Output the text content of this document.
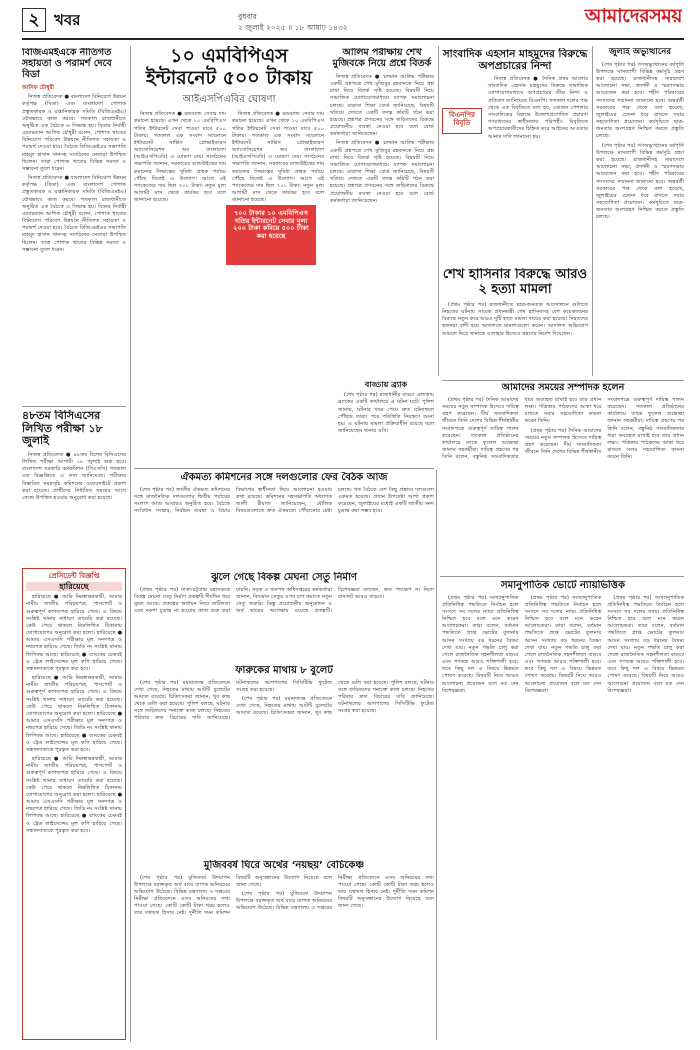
২ খবর	বুধবার
২ জুলাই ২০২৫ ॥ ১৮ আষাঢ় ১৪৩২
আমাদেরসময়
বিজিএমইএকে নীতিগত সহায়তা ও পরামর্শ দেবে বিডা
আসিফ চৌধুরী

নিজস্ব প্রতিবেদক ● বাংলাদেশ বিনিয়োগ উন্নয়ন কর্তৃপক্ষ (বিডা) এবং বাংলাদেশ পোশাক প্রস্তুতকারক ও রপ্তানিকারক সমিতি (বিজিএমইএ) যৌথভাবে কাজ করবে। গতকাল রাজধানীতে অনুষ্ঠিত এক বৈঠকে এ সিদ্ধান্ত হয়। বিডার নির্বাহী চেয়ারম্যান আশিক চৌধুরী বলেন, পোশাক খাতের বিনিয়োগ পরিবেশ উন্নয়নে নীতিগত সহায়তা ও পরামর্শ দেওয়া হবে। বৈঠকে বিজিএমইএর সভাপতি মাহমুদ হাসান খানসহ সংগঠনের নেতারা উপস্থিত ছিলেন। তারা পোশাক খাতের বিভিন্ন সমস্যা ও সম্ভাবনা তুলে ধরেন।

নিজস্ব প্রতিবেদক ● বাংলাদেশ বিনিয়োগ উন্নয়ন কর্তৃপক্ষ (বিডা) এবং বাংলাদেশ পোশাক প্রস্তুতকারক ও রপ্তানিকারক সমিতি (বিজিএমইএ) যৌথভাবে কাজ করবে। গতকাল রাজধানীতে অনুষ্ঠিত এক বৈঠকে এ সিদ্ধান্ত হয়। বিডার নির্বাহী চেয়ারম্যান আশিক চৌধুরী বলেন, পোশাক খাতের বিনিয়োগ পরিবেশ উন্নয়নে নীতিগত সহায়তা ও পরামর্শ দেওয়া হবে। বৈঠকে বিজিএমইএর সভাপতি মাহমুদ হাসান খানসহ সংগঠনের নেতারা উপস্থিত ছিলেন। তারা পোশাক খাতের বিভিন্ন সমস্যা ও সম্ভাবনা তুলে ধরেন।

৪৮তম বিসিএসের লিখিত পরীক্ষা ১৮ জুলাই

নিজস্ব প্রতিবেদক ● ৪৮তম বিশেষ বিসিএসের লিখিত পরীক্ষা আগামী ১৮ জুলাই শুরু হবে। বাংলাদেশ সরকারি কর্মকমিশন (পিএসসি) গতকাল এক বিজ্ঞপ্তিতে এ তথ্য জানিয়েছে। পরীক্ষার বিস্তারিত সময়সূচি কমিশনের ওয়েবসাইটে প্রকাশ করা হয়েছে। প্রার্থীদের নির্ধারিত সময়ের আগে কেন্দ্রে উপস্থিত হওয়ার অনুরোধ করা হয়েছে।

প্রেসিডেন্ট বিজ্ঞপ্তি
হারিয়েছে

হারিয়েছে ● আমি নিম্নস্বাক্ষরকারী, আমার নামীয় জাতীয় পরিচয়পত্র, পাসপোর্ট ও গুরুত্বপূর্ণ কাগজপত্র হারিয়ে গেছে। এ বিষয়ে সংশ্লিষ্ট থানায় সাধারণ ডায়েরি করা হয়েছে। কেউ পেয়ে থাকলে নিম্নলিখিত ঠিকানায় যোগাযোগের অনুরোধ করা হলো। হারিয়েছে ● আমার এসএসসি পরীক্ষার মূল সনদপত্র ও নম্বরপত্র হারিয়ে গেছে। জিডি নং সংশ্লিষ্ট থানায় লিপিবদ্ধ আছে। হারিয়েছে ● ব্যাংকের চেকবই ও ট্রেড লাইসেন্সের মূল কপি হারিয়ে গেছে। সন্ধানদাতাকে পুরস্কৃত করা হবে।

হারিয়েছে ● আমি নিম্নস্বাক্ষরকারী, আমার নামীয় জাতীয় পরিচয়পত্র, পাসপোর্ট ও গুরুত্বপূর্ণ কাগজপত্র হারিয়ে গেছে। এ বিষয়ে সংশ্লিষ্ট থানায় সাধারণ ডায়েরি করা হয়েছে। কেউ পেয়ে থাকলে নিম্নলিখিত ঠিকানায় যোগাযোগের অনুরোধ করা হলো। হারিয়েছে ● আমার এসএসসি পরীক্ষার মূল সনদপত্র ও নম্বরপত্র হারিয়ে গেছে। জিডি নং সংশ্লিষ্ট থানায় লিপিবদ্ধ আছে। হারিয়েছে ● ব্যাংকের চেকবই ও ট্রেড লাইসেন্সের মূল কপি হারিয়ে গেছে। সন্ধানদাতাকে পুরস্কৃত করা হবে।

হারিয়েছে ● আমি নিম্নস্বাক্ষরকারী, আমার নামীয় জাতীয় পরিচয়পত্র, পাসপোর্ট ও গুরুত্বপূর্ণ কাগজপত্র হারিয়ে গেছে। এ বিষয়ে সংশ্লিষ্ট থানায় সাধারণ ডায়েরি করা হয়েছে। কেউ পেয়ে থাকলে নিম্নলিখিত ঠিকানায় যোগাযোগের অনুরোধ করা হলো। হারিয়েছে ● আমার এসএসসি পরীক্ষার মূল সনদপত্র ও নম্বরপত্র হারিয়ে গেছে। জিডি নং সংশ্লিষ্ট থানায় লিপিবদ্ধ আছে। হারিয়েছে ● ব্যাংকের চেকবই ও ট্রেড লাইসেন্সের মূল কপি হারিয়ে গেছে। সন্ধানদাতাকে পুরস্কৃত করা হবে।

১০ এমবিপিএস ইন্টারনেট ৫০০ টাকায়
আইএসপিএবির ঘোষণা

নিজস্ব প্রতিবেদক ● ব্রডব্যান্ড সেবার দাম কমানো হয়েছে। এখন থেকে ১০ এমবিপিএস গতির ইন্টারনেট সেবা পাওয়া যাবে ৫০০ টাকায়। গতকাল এক সংবাদ সম্মেলনে ইন্টারনেট সার্ভিস প্রোভাইডারস অ্যাসোসিয়েশন অব বাংলাদেশ (আইএসপিএবি) এ ঘোষণা দেয়। সংগঠনের সভাপতি জানান, সরকারের ব্যান্ডউইথের দাম কমানোর সিদ্ধান্তের সুবিধা গ্রাহক পর্যায়ে পৌঁছে দিতেই এ উদ্যোগ। আগে এই প্যাকেজের দাম ছিল ৭০০ টাকা। নতুন মূল্য আগামী মাস থেকে কার্যকর হবে বলে জানানো হয়েছে।

নিজস্ব প্রতিবেদক ● ব্রডব্যান্ড সেবার দাম কমানো হয়েছে। এখন থেকে ১০ এমবিপিএস গতির ইন্টারনেট সেবা পাওয়া যাবে ৫০০ টাকায়। গতকাল এক সংবাদ সম্মেলনে ইন্টারনেট সার্ভিস প্রোভাইডারস অ্যাসোসিয়েশন অব বাংলাদেশ (আইএসপিএবি) এ ঘোষণা দেয়। সংগঠনের সভাপতি জানান, সরকারের ব্যান্ডউইথের দাম কমানোর সিদ্ধান্তের সুবিধা গ্রাহক পর্যায়ে পৌঁছে দিতেই এ উদ্যোগ। আগে এই প্যাকেজের দাম ছিল ৭০০ টাকা। নতুন মূল্য আগামী মাস থেকে কার্যকর হবে বলে জানানো হয়েছে।

৭০০ টাকার ১০ এমবিপিএস গতির ইন্টারনেট সেবার মূল্য ২০০ টাকা কমিয়ে ৫০০ টাকা করা হয়েছে
আলিম পরীক্ষায় শেখ মুজিবকে নিয়ে প্রশ্নে বিতর্ক

নিজস্ব প্রতিবেদক ● চলমান আলিম পরীক্ষার একটি প্রশ্নপত্রে শেখ মুজিবুর রহমানকে নিয়ে প্রশ্ন রাখা নিয়ে বিতর্ক সৃষ্টি হয়েছে। বিষয়টি নিয়ে সামাজিক যোগাযোগমাধ্যমে ব্যাপক সমালোচনা চলছে। মাদ্রাসা শিক্ষা বোর্ড জানিয়েছে, বিষয়টি খতিয়ে দেখতে একটি তদন্ত কমিটি গঠন করা হয়েছে। প্রশ্নপত্র প্রণয়নের সঙ্গে জড়িতদের বিরুদ্ধে প্রয়োজনীয় ব্যবস্থা নেওয়া হবে বলে বোর্ড কর্মকর্তারা জানিয়েছেন।

নিজস্ব প্রতিবেদক ● চলমান আলিম পরীক্ষার একটি প্রশ্নপত্রে শেখ মুজিবুর রহমানকে নিয়ে প্রশ্ন রাখা নিয়ে বিতর্ক সৃষ্টি হয়েছে। বিষয়টি নিয়ে সামাজিক যোগাযোগমাধ্যমে ব্যাপক সমালোচনা চলছে। মাদ্রাসা শিক্ষা বোর্ড জানিয়েছে, বিষয়টি খতিয়ে দেখতে একটি তদন্ত কমিটি গঠন করা হয়েছে। প্রশ্নপত্র প্রণয়নের সঙ্গে জড়িতদের বিরুদ্ধে প্রয়োজনীয় ব্যবস্থা নেওয়া হবে বলে বোর্ড কর্মকর্তারা জানিয়েছেন।

সাংবাদিক এহসান মাহমুদের বিরুদ্ধে অপপ্রচারের নিন্দা
বিএনপির বিবৃতি

নিজস্ব প্রতিবেদক ● দৈনিক প্রথম আলোর সাংবাদিক এহসান মাহমুদের বিরুদ্ধে সামাজিক যোগাযোগমাধ্যমে অপপ্রচারের তীব্র নিন্দা ও প্রতিবাদ জানিয়েছে বিএনপি। গতকাল দলের পক্ষ থেকে এক বিবৃতিতে বলা হয়, একজন পেশাদার সাংবাদিকের বিরুদ্ধে উদ্দেশ্যপ্রণোদিত প্রচারণা গণমাধ্যমের স্বাধীনতার পরিপন্থী। বিবৃতিতে অপপ্রচারকারীদের চিহ্নিত করে আইনের আওতায় আনার দাবি জানানো হয়।

শেখ হাসিনার বিরুদ্ধে আরও ২ হত্যা মামলা

(প্রথম পৃষ্ঠার পর) রাজধানীতে ছাত্র-জনতার আন্দোলনে গুলিতে নিহতের ঘটনায় সাবেক প্রধানমন্ত্রী শেখ হাসিনাসহ বেশ কয়েকজনের বিরুদ্ধে নতুন করে আরও দুটি হত্যা মামলা দায়ের করা হয়েছে। নিহতদের স্বজনরা বাদী হয়ে আদালতে মামলাগুলো করেন। আদালত অভিযোগ আমলে নিয়ে থানাকে এজাহার হিসেবে গ্রহণের নির্দেশ দিয়েছেন।

জুলাই অভ্যুত্থানের

(শেষ পৃষ্ঠার পর) গণঅভ্যুত্থানের বর্ষপূর্তি উপলক্ষে মাসব্যাপী বিভিন্ন কর্মসূচি গ্রহণ করা হয়েছে। রাজধানীসহ সারাদেশে আলোচনা সভা, প্রদর্শনী ও স্মরণসভার আয়োজন করা হবে। শহীদ পরিবারের সদস্যদের সম্মাননা জানানো হবে। অন্তর্বর্তী সরকারের পক্ষ থেকে বলা হয়েছে, জুলাইয়ের চেতনা ধরে রাখতে সবার সহযোগিতা প্রয়োজন। কর্মসূচিতে ছাত্র-জনতার অংশগ্রহণ নিশ্চিত করতে প্রস্তুতি চলছে।

(শেষ পৃষ্ঠার পর) গণঅভ্যুত্থানের বর্ষপূর্তি উপলক্ষে মাসব্যাপী বিভিন্ন কর্মসূচি গ্রহণ করা হয়েছে। রাজধানীসহ সারাদেশে আলোচনা সভা, প্রদর্শনী ও স্মরণসভার আয়োজন করা হবে। শহীদ পরিবারের সদস্যদের সম্মাননা জানানো হবে। অন্তর্বর্তী সরকারের পক্ষ থেকে বলা হয়েছে, জুলাইয়ের চেতনা ধরে রাখতে সবার সহযোগিতা প্রয়োজন। কর্মসূচিতে ছাত্র-জনতার অংশগ্রহণ নিশ্চিত করতে প্রস্তুতি চলছে।

ঐকমত্য কমিশনের সঙ্গে দলগুলোর ফের বৈঠক আজ

(শেষ পৃষ্ঠার পর) জাতীয় ঐকমত্য কমিশনের সঙ্গে রাজনৈতিক দলগুলোর দ্বিতীয় পর্যায়ের সংলাপ আজ আবারও অনুষ্ঠিত হবে। বৈঠকে সংবিধান সংস্কার, নির্বাচন ব্যবস্থা ও বিচার বিভাগের স্বাধীনতা নিয়ে আলোচনা হওয়ার কথা রয়েছে। কমিশনের সহসভাপতি অধ্যাপক আলী রীয়াজ জানিয়েছেন, মৌলিক বিষয়গুলোতে দ্রুত ঐকমত্যে পৌঁছানোর চেষ্টা চলছে। গত বৈঠকে বেশ কিছু প্রস্তাবে দলগুলো একমত হয়েছে। প্রধান উপদেষ্টা আশা প্রকাশ করেছেন, জুলাইয়ের মধ্যেই একটি জাতীয় সনদ চূড়ান্ত করা সম্ভব হবে।

ঝুলে গেছে বিকল্প মেঘনা সেতু নির্মাণ

(প্রথম পৃষ্ঠার পর) ঢাকা-চট্টগ্রাম মহাসড়কে বিকল্প মেঘনা সেতু নির্মাণ প্রকল্পটি দীর্ঘদিন ধরে ঝুলে আছে। প্রকল্পের অর্থায়ন নিয়ে জটিলতা এবং নকশা চূড়ান্ত না হওয়ায় কাজ শুরু করা যায়নি। সড়ক ও জনপথ অধিদপ্তরের কর্মকর্তারা জানান, বিদ্যমান সেতুর ওপর চাপ কমাতে নতুন সেতু জরুরি। কিন্তু প্রয়োজনীয় অনুমোদন ও অর্থ ছাড়ের অপেক্ষায় রয়েছে প্রকল্পটি। বিশেষজ্ঞরা বলছেন, দ্রুত পদক্ষেপ না নিলে যানজট আরও বাড়বে।

ফারুকের মাথায় ৮ বুলেট

(শেষ পৃষ্ঠার পর) ময়নাতদন্ত প্রতিবেদনে দেখা গেছে, নিহতের মাথায় আটটি বুলেটের আঘাত রয়েছে। চিকিৎসকরা জানান, খুব কাছ থেকে গুলি করা হয়েছে। পুলিশ বলছে, ঘটনার সঙ্গে জড়িতদের শনাক্তে কাজ চলছে। নিহতের পরিবার দ্রুত বিচারের দাবি জানিয়েছে। ঘটনাস্থলের আশপাশের সিসিটিভি ফুটেজ সংগ্রহ করা হয়েছে।

(শেষ পৃষ্ঠার পর) ময়নাতদন্ত প্রতিবেদনে দেখা গেছে, নিহতের মাথায় আটটি বুলেটের আঘাত রয়েছে। চিকিৎসকরা জানান, খুব কাছ থেকে গুলি করা হয়েছে। পুলিশ বলছে, ঘটনার সঙ্গে জড়িতদের শনাক্তে কাজ চলছে। নিহতের পরিবার দ্রুত বিচারের দাবি জানিয়েছে। ঘটনাস্থলের আশপাশের সিসিটিভি ফুটেজ সংগ্রহ করা হয়েছে।

মুজিববর্ষ ঘিরে অর্থের ‘নয়ছয়’ বেচিকেঞ্চ

(শেষ পৃষ্ঠার পর) মুজিববর্ষ উদযাপন উপলক্ষে বরাদ্দকৃত অর্থ ব্যয়ে ব্যাপক অনিয়মের অভিযোগ উঠেছে। বিভিন্ন মন্ত্রণালয় ও দপ্তরের নিরীক্ষা প্রতিবেদনে এসব অনিয়মের তথ্য পাওয়া গেছে। কোটি কোটি টাকা খরচ হলেও তার যথাযথ হিসাব নেই। দুর্নীতি দমন কমিশন বিষয়টি অনুসন্ধানের উদ্যোগ নিয়েছে বলে জানা গেছে।

(শেষ পৃষ্ঠার পর) মুজিববর্ষ উদযাপন উপলক্ষে বরাদ্দকৃত অর্থ ব্যয়ে ব্যাপক অনিয়মের অভিযোগ উঠেছে। বিভিন্ন মন্ত্রণালয় ও দপ্তরের নিরীক্ষা প্রতিবেদনে এসব অনিয়মের তথ্য পাওয়া গেছে। কোটি কোটি টাকা খরচ হলেও তার যথাযথ হিসাব নেই। দুর্নীতি দমন কমিশন বিষয়টি অনুসন্ধানের উদ্যোগ নিয়েছে বলে জানা গেছে।

বাড্ডায় ব্র্যাক

(শেষ পৃষ্ঠার পর) রাজধানীর বাড্ডা এলাকায় ব্র্যাকের একটি কার্যালয়ে এ ঘটনা ঘটে। পুলিশ জানায়, ঘটনার খবর পেয়ে দ্রুত ঘটনাস্থলে পৌঁছায় তারা। পরে পরিস্থিতি নিয়ন্ত্রণে আনা হয়। এ ঘটনায় মামলা প্রক্রিয়াধীন রয়েছে বলে জানিয়েছেন থানার ওসি।

আমাদের সময়ের সম্পাদক হলেন

(প্রথম পৃষ্ঠার পর) দৈনিক আমাদের সময়ের নতুন সম্পাদক হিসেবে দায়িত্ব গ্রহণ করেছেন। দীর্ঘ সাংবাদিকতা জীবনে তিনি দেশের বিভিন্ন শীর্ষস্থানীয় সংবাদপত্রে গুরুত্বপূর্ণ দায়িত্ব পালন করেছেন। গতকাল প্রতিষ্ঠানের কার্যালয়ে তাকে ফুলেল শুভেচ্ছা জানান সহকর্মীরা। দায়িত্ব গ্রহণের পর তিনি বলেন, বস্তুনিষ্ঠ সাংবাদিকতার ধারা অব্যাহত রাখাই হবে তার প্রধান লক্ষ্য। পত্রিকার পাঠকদের আস্থা ধরে রাখতে সবার সহযোগিতা কামনা করেন তিনি।

(প্রথম পৃষ্ঠার পর) দৈনিক আমাদের সময়ের নতুন সম্পাদক হিসেবে দায়িত্ব গ্রহণ করেছেন। দীর্ঘ সাংবাদিকতা জীবনে তিনি দেশের বিভিন্ন শীর্ষস্থানীয় সংবাদপত্রে গুরুত্বপূর্ণ দায়িত্ব পালন করেছেন। গতকাল প্রতিষ্ঠানের কার্যালয়ে তাকে ফুলেল শুভেচ্ছা জানান সহকর্মীরা। দায়িত্ব গ্রহণের পর তিনি বলেন, বস্তুনিষ্ঠ সাংবাদিকতার ধারা অব্যাহত রাখাই হবে তার প্রধান লক্ষ্য। পত্রিকার পাঠকদের আস্থা ধরে রাখতে সবার সহযোগিতা কামনা করেন তিনি।

সমানুপাতিক ভোটে ন্যায়ভিত্তিক

(প্রথম পৃষ্ঠার পর) সংখ্যানুপাতিক প্রতিনিধিত্ব পদ্ধতিতে নির্বাচন হলে সংসদে সব দলের ন্যায্য প্রতিনিধিত্ব নিশ্চিত হবে বলে মনে করেন আলোচকরা। তারা বলেন, বর্তমান পদ্ধতিতে প্রাপ্ত ভোটের তুলনায় আসন সংখ্যায় বড় ধরনের বৈষম্য দেখা যায়। নতুন পদ্ধতি চালু করা গেলে রাজনৈতিক সহনশীলতা বাড়বে এবং গণতন্ত্র আরও শক্তিশালী হবে। তবে কিছু দল এ বিষয়ে ভিন্নমত পোষণ করেছে। বিষয়টি নিয়ে আরও আলোচনা প্রয়োজন বলে মত দেন বিশেষজ্ঞরা।

(প্রথম পৃষ্ঠার পর) সংখ্যানুপাতিক প্রতিনিধিত্ব পদ্ধতিতে নির্বাচন হলে সংসদে সব দলের ন্যায্য প্রতিনিধিত্ব নিশ্চিত হবে বলে মনে করেন আলোচকরা। তারা বলেন, বর্তমান পদ্ধতিতে প্রাপ্ত ভোটের তুলনায় আসন সংখ্যায় বড় ধরনের বৈষম্য দেখা যায়। নতুন পদ্ধতি চালু করা গেলে রাজনৈতিক সহনশীলতা বাড়বে এবং গণতন্ত্র আরও শক্তিশালী হবে। তবে কিছু দল এ বিষয়ে ভিন্নমত পোষণ করেছে। বিষয়টি নিয়ে আরও আলোচনা প্রয়োজন বলে মত দেন বিশেষজ্ঞরা।

(প্রথম পৃষ্ঠার পর) সংখ্যানুপাতিক প্রতিনিধিত্ব পদ্ধতিতে নির্বাচন হলে সংসদে সব দলের ন্যায্য প্রতিনিধিত্ব নিশ্চিত হবে বলে মনে করেন আলোচকরা। তারা বলেন, বর্তমান পদ্ধতিতে প্রাপ্ত ভোটের তুলনায় আসন সংখ্যায় বড় ধরনের বৈষম্য দেখা যায়। নতুন পদ্ধতি চালু করা গেলে রাজনৈতিক সহনশীলতা বাড়বে এবং গণতন্ত্র আরও শক্তিশালী হবে। তবে কিছু দল এ বিষয়ে ভিন্নমত পোষণ করেছে। বিষয়টি নিয়ে আরও আলোচনা প্রয়োজন বলে মত দেন বিশেষজ্ঞরা।
